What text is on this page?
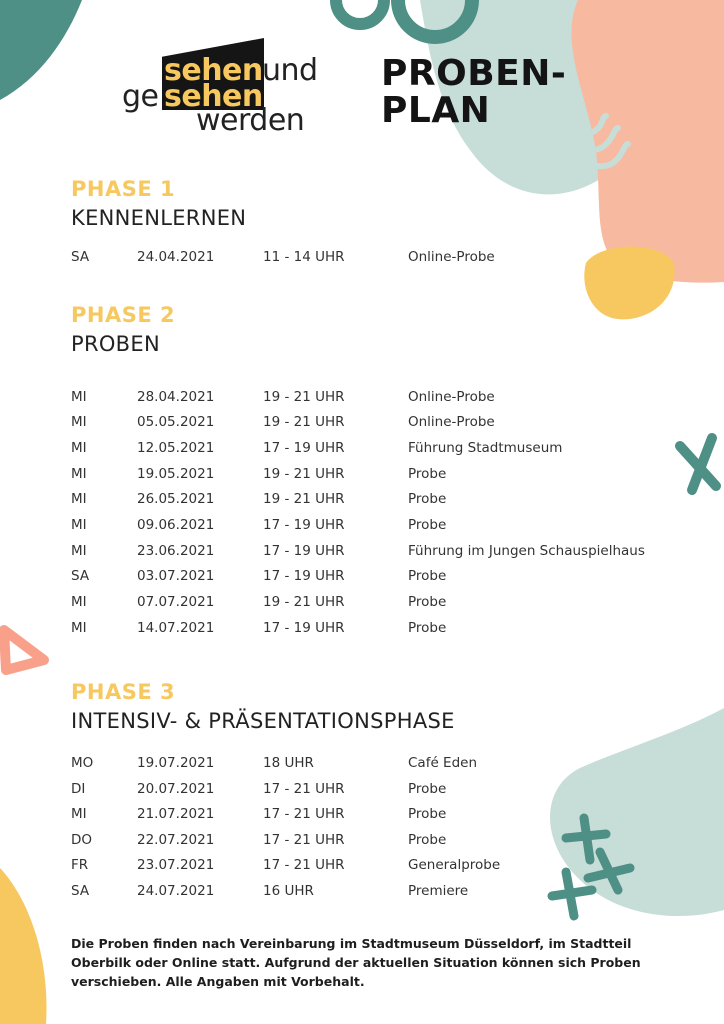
sehen und
ge sehen
werden
PROBEN-
PLAN
PHASE 1
KENNENLERNEN
SA	24.04.2021	11 - 14 UHR	Online-Probe
PHASE 2
PROBEN
MI	28.04.2021	19 - 21 UHR	Online-Probe
MI	05.05.2021	19 - 21 UHR	Online-Probe
MI	12.05.2021	17 - 19 UHR	Führung Stadtmuseum
MI	19.05.2021	19 - 21 UHR	Probe
MI	26.05.2021	19 - 21 UHR	Probe
MI	09.06.2021	17 - 19 UHR	Probe
MI	23.06.2021	17 - 19 UHR	Führung im Jungen Schauspielhaus
SA	03.07.2021	17 - 19 UHR	Probe
MI	07.07.2021	19 - 21 UHR	Probe
MI	14.07.2021	17 - 19 UHR	Probe
PHASE 3
INTENSIV- & PRÄSENTATIONSPHASE
MO	19.07.2021	18 UHR	Café Eden
DI	20.07.2021	17 - 21 UHR	Probe
MI	21.07.2021	17 - 21 UHR	Probe
DO	22.07.2021	17 - 21 UHR	Probe
FR	23.07.2021	17 - 21 UHR	Generalprobe
SA	24.07.2021	16 UHR	Premiere

Die Proben finden nach Vereinbarung im Stadtmuseum Düsseldorf, im Stadtteil Oberbilk oder Online statt. Aufgrund der aktuellen Situation können sich Proben verschieben. Alle Angaben mit Vorbehalt.
